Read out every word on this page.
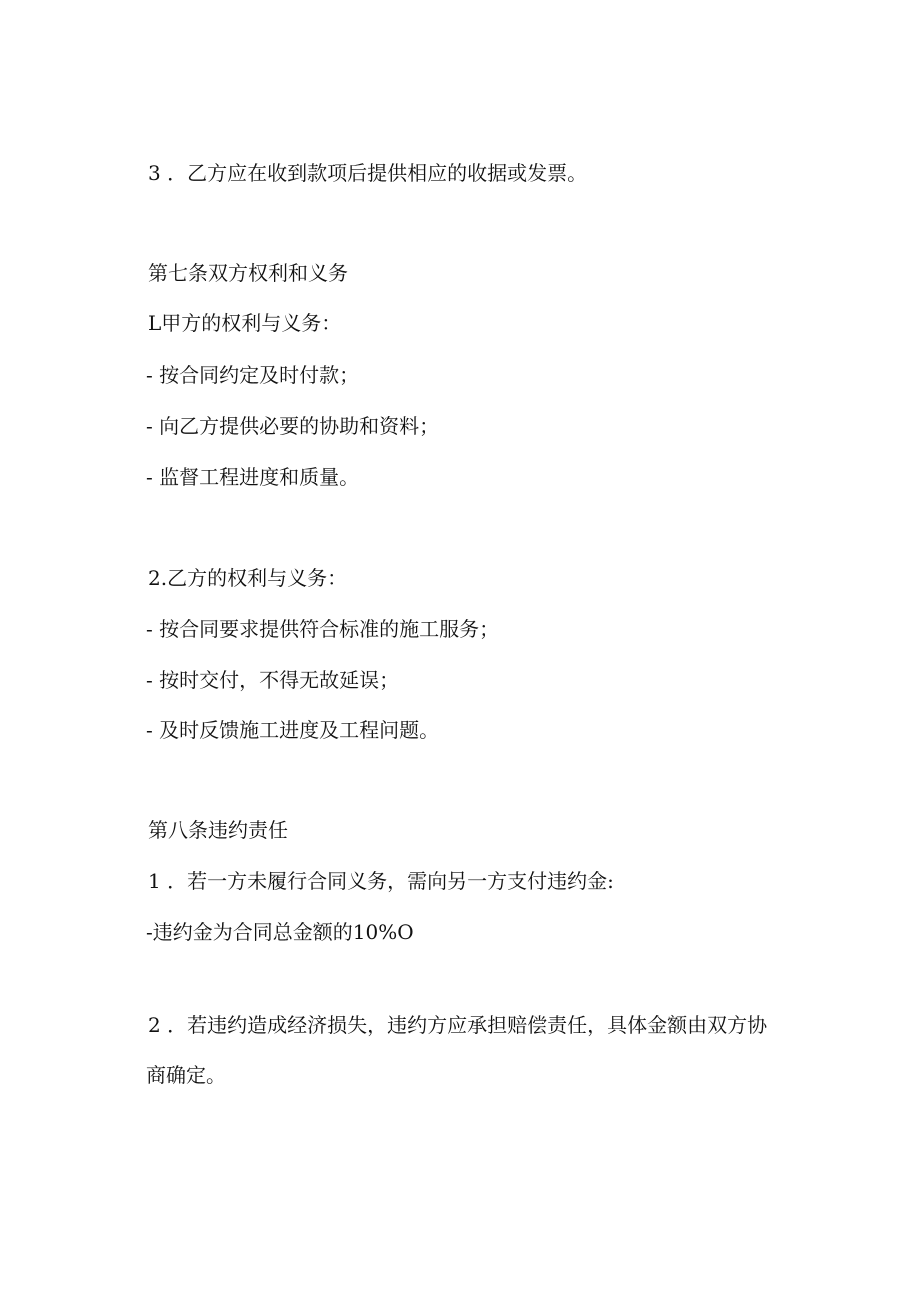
3 ．乙方应在收到款项后提供相应的收据或发票。

第七条双方权利和义务

L甲方的权利与义务：

- 按合同约定及时付款；

- 向乙方提供必要的协助和资料；

- 监督工程进度和质量。

2.乙方的权利与义务：

- 按合同要求提供符合标准的施工服务；

- 按时交付，不得无故延误；

- 及时反馈施工进度及工程问题。

第八条违约责任

1 ．若一方未履行合同义务，需向另一方支付违约金:

-违约金为合同总金额的10%O

2 ．若违约造成经济损失，违约方应承担赔偿责任，具体金额由双方协

商确定。
